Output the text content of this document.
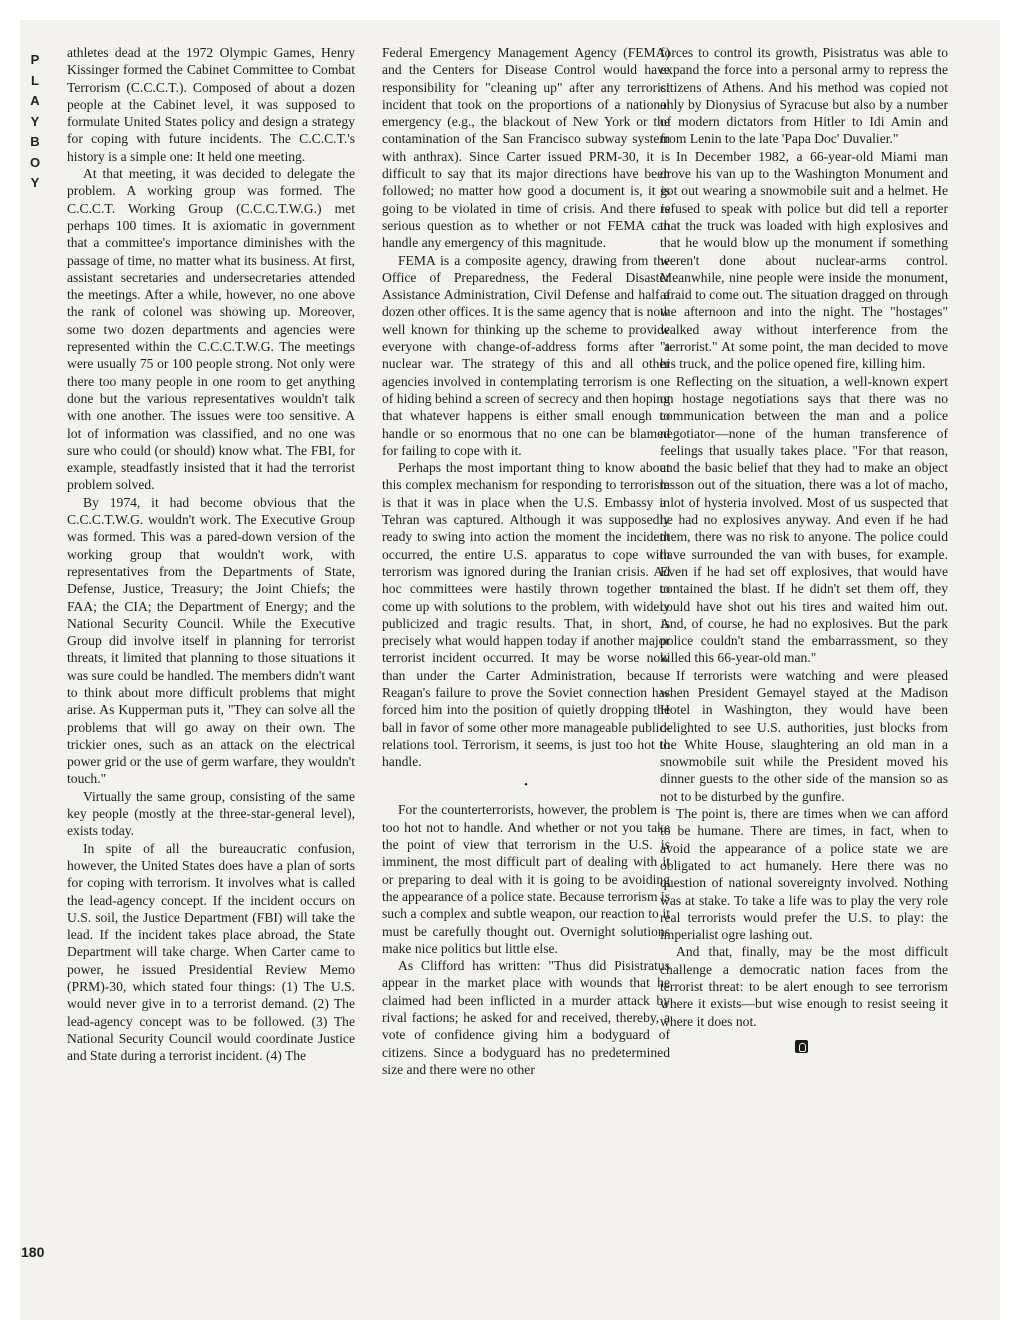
P
L
A
Y
B
O
Y
180

athletes dead at the 1972 Olympic Games, Henry Kissinger formed the Cabinet Committee to Combat Terrorism (C.C.C.T.). Composed of about a dozen people at the Cabinet level, it was supposed to formulate United States policy and design a strategy for coping with future incidents. The C.C.C.T.'s history is a simple one: It held one meeting.

At that meeting, it was decided to delegate the problem. A working group was formed. The C.C.C.T. Working Group (C.C.C.T.W.G.) met perhaps 100 times. It is axiomatic in government that a committee's importance diminishes with the passage of time, no matter what its business. At first, assistant secretaries and undersecretaries attended the meetings. After a while, however, no one above the rank of colonel was showing up. Moreover, some two dozen departments and agencies were represented within the C.C.C.T.W.G. The meetings were usually 75 or 100 people strong. Not only were there too many people in one room to get anything done but the various representatives wouldn't talk with one another. The issues were too sensitive. A lot of information was classified, and no one was sure who could (or should) know what. The FBI, for example, steadfastly insisted that it had the terrorist problem solved.

By 1974, it had become obvious that the C.C.C.T.W.G. wouldn't work. The Executive Group was formed. This was a pared-down version of the working group that wouldn't work, with representatives from the Departments of State, Defense, Justice, Treasury; the Joint Chiefs; the FAA; the CIA; the Department of Energy; and the National Security Council. While the Executive Group did involve itself in planning for terrorist threats, it limited that planning to those situations it was sure could be handled. The members didn't want to think about more difficult problems that might arise. As Kupperman puts it, "They can solve all the problems that will go away on their own. The trickier ones, such as an attack on the electrical power grid or the use of germ warfare, they wouldn't touch."

Virtually the same group, consisting of the same key people (mostly at the three-star-general level), exists today.

In spite of all the bureaucratic confusion, however, the United States does have a plan of sorts for coping with terrorism. It involves what is called the lead-agency concept. If the incident occurs on U.S. soil, the Justice Department (FBI) will take the lead. If the incident takes place abroad, the State Department will take charge. When Carter came to power, he issued Presidential Review Memo (PRM)-30, which stated four things: (1) The U.S. would never give in to a terrorist demand. (2) The lead-agency concept was to be followed. (3) The National Security Council would coordinate Justice and State during a terrorist incident. (4) The

Federal Emergency Management Agency (FEMA) and the Centers for Disease Control would have responsibility for "cleaning up" after any terrorist incident that took on the proportions of a national emergency (e.g., the blackout of New York or the contamination of the San Francisco subway system with anthrax). Since Carter issued PRM-30, it is difficult to say that its major directions have been followed; no matter how good a document is, it is going to be violated in time of crisis. And there is serious question as to whether or not FEMA can handle any emergency of this magnitude.

FEMA is a composite agency, drawing from the Office of Preparedness, the Federal Disaster Assistance Administration, Civil Defense and half a dozen other offices. It is the same agency that is now well known for thinking up the scheme to provide everyone with change-of-address forms after a nuclear war. The strategy of this and all other agencies involved in contemplating terrorism is one of hiding behind a screen of secrecy and then hoping that whatever happens is either small enough to handle or so enormous that no one can be blamed for failing to cope with it.

Perhaps the most important thing to know about this complex mechanism for responding to terrorism is that it was in place when the U.S. Embassy in Tehran was captured. Although it was supposedly ready to swing into action the moment the incident occurred, the entire U.S. apparatus to cope with terrorism was ignored during the Iranian crisis. Ad hoc committees were hastily thrown together to come up with solutions to the problem, with widely publicized and tragic results. That, in short, is precisely what would happen today if another major terrorist incident occurred. It may be worse now than under the Carter Administration, because Reagan's failure to prove the Soviet connection has forced him into the position of quietly dropping the ball in favor of some other more manageable public-relations tool. Terrorism, it seems, is just too hot to handle.

•

For the counterterrorists, however, the problem is too hot not to handle. And whether or not you take the point of view that terrorism in the U.S. is imminent, the most difficult part of dealing with it or preparing to deal with it is going to be avoiding the appearance of a police state. Because terrorism is such a complex and subtle weapon, our reaction to it must be carefully thought out. Overnight solutions make nice politics but little else.

As Clifford has written: "Thus did Pisistratus appear in the market place with wounds that he claimed had been inflicted in a murder attack by rival factions; he asked for and received, thereby, a vote of confidence giving him a bodyguard of citizens. Since a bodyguard has no predetermined size and there were no other

forces to control its growth, Pisistratus was able to expand the force into a personal army to repress the citizens of Athens. And his method was copied not only by Dionysius of Syracuse but also by a number of modern dictators from Hitler to Idi Amin and from Lenin to the late 'Papa Doc' Duvalier."

In December 1982, a 66-year-old Miami man drove his van up to the Washington Monument and got out wearing a snowmobile suit and a helmet. He refused to speak with police but did tell a reporter that the truck was loaded with high explosives and that he would blow up the monument if something weren't done about nuclear-arms control. Meanwhile, nine people were inside the monument, afraid to come out. The situation dragged on through the afternoon and into the night. The "hostages" walked away without interference from the "terrorist." At some point, the man decided to move his truck, and the police opened fire, killing him.

Reflecting on the situation, a well-known expert on hostage negotiations says that there was no communication between the man and a police negotiator—none of the human transference of feelings that usually takes place. "For that reason, and the basic belief that they had to make an object lesson out of the situation, there was a lot of macho, a lot of hysteria involved. Most of us suspected that he had no explosives anyway. And even if he had them, there was no risk to anyone. The police could have surrounded the van with buses, for example. Even if he had set off explosives, that would have contained the blast. If he didn't set them off, they could have shot out his tires and waited him out. And, of course, he had no explosives. But the park police couldn't stand the embarrassment, so they killed this 66-year-old man."

If terrorists were watching and were pleased when President Gemayel stayed at the Madison Hotel in Washington, they would have been delighted to see U.S. authorities, just blocks from the White House, slaughtering an old man in a snowmobile suit while the President moved his dinner guests to the other side of the mansion so as not to be disturbed by the gunfire.

The point is, there are times when we can afford to be humane. There are times, in fact, when to avoid the appearance of a police state we are obligated to act humanely. Here there was no question of national sovereignty involved. Nothing was at stake. To take a life was to play the very role real terrorists would prefer the U.S. to play: the imperialist ogre lashing out.

And that, finally, may be the most difficult challenge a democratic nation faces from the terrorist threat: to be alert enough to see terrorism where it exists—but wise enough to resist seeing it where it does not.
